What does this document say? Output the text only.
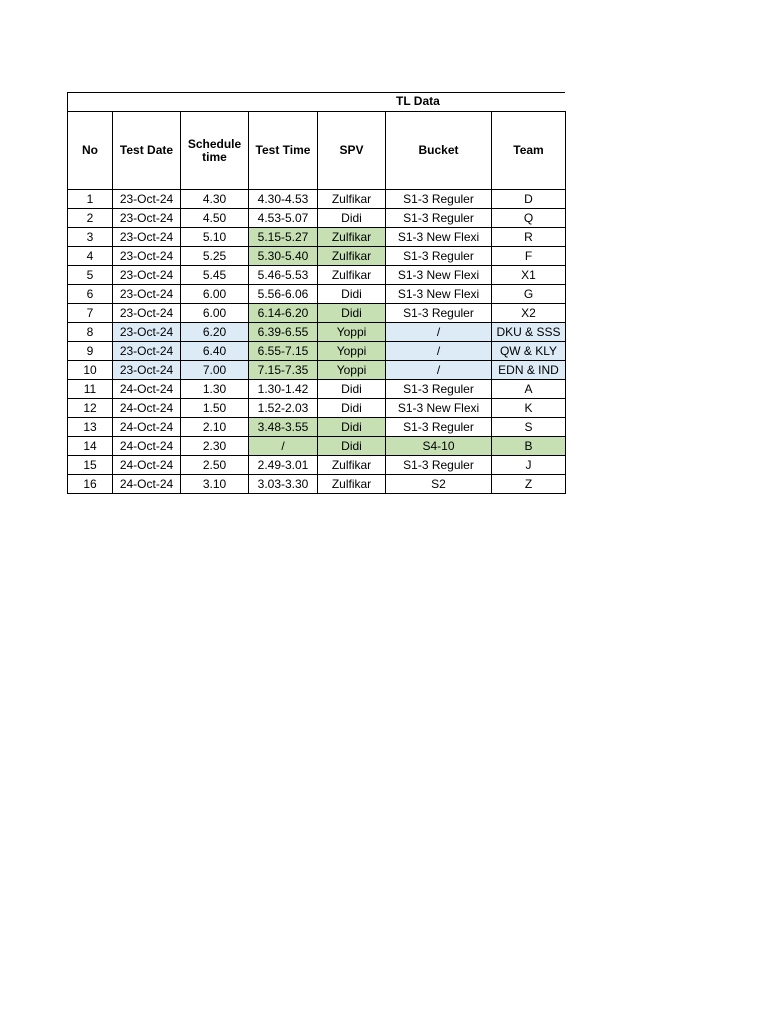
TL Data
No	Test Date	Schedule time	Test Time	SPV	Bucket	Team
1	23-Oct-24	4.30	4.30-4.53	Zulfikar	S1-3 Reguler	D
2	23-Oct-24	4.50	4.53-5.07	Didi	S1-3 Reguler	Q
3	23-Oct-24	5.10	5.15-5.27	Zulfikar	S1-3 New Flexi	R
4	23-Oct-24	5.25	5.30-5.40	Zulfikar	S1-3 Reguler	F
5	23-Oct-24	5.45	5.46-5.53	Zulfikar	S1-3 New Flexi	X1
6	23-Oct-24	6.00	5.56-6.06	Didi	S1-3 New Flexi	G
7	23-Oct-24	6.00	6.14-6.20	Didi	S1-3 Reguler	X2
8	23-Oct-24	6.20	6.39-6.55	Yoppi	/	DKU & SSS
9	23-Oct-24	6.40	6.55-7.15	Yoppi	/	QW & KLY
10	23-Oct-24	7.00	7.15-7.35	Yoppi	/	EDN & IND
11	24-Oct-24	1.30	1.30-1.42	Didi	S1-3 Reguler	A
12	24-Oct-24	1.50	1.52-2.03	Didi	S1-3 New Flexi	K
13	24-Oct-24	2.10	3.48-3.55	Didi	S1-3 Reguler	S
14	24-Oct-24	2.30	/	Didi	S4-10	B
15	24-Oct-24	2.50	2.49-3.01	Zulfikar	S1-3 Reguler	J
16	24-Oct-24	3.10	3.03-3.30	Zulfikar	S2	Z
